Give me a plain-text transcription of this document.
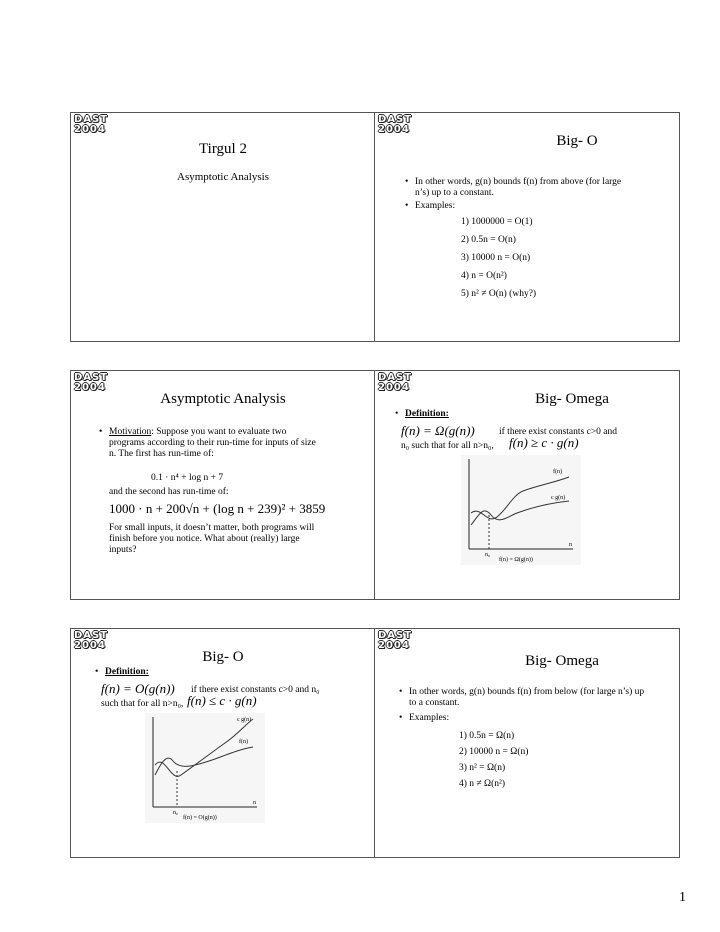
DAST
2004
Tirgul 2
Asymptotic Analysis
DAST
2004
Big- O
• In other words, g(n) bounds f(n) from above (for large n’s) up to a constant.
• Examples:
1) 1000000 = O(1)
2) 0.5n = O(n)
3) 10000 n = O(n)
4) n = O(n²)
5) n² ≠ O(n) (why?)
DAST
2004
Asymptotic Analysis
• Motivation: Suppose you want to evaluate two programs according to their run-time for inputs of size n. The first has run-time of:
0.1 · n⁴ + log n + 7
and the second has run-time of:
1000 · n + 200√n + (log n + 239)² + 3859
For small inputs, it doesn’t matter, both programs will finish before you notice. What about (really) large inputs?
DAST
2004
Big- Omega
• Definition:
f(n) = Ω(g(n))	if there exist constants c>0 and
n₀ such that for all n>n₀, f(n) ≥ c · g(n)
f(n)
c g(n)
n₀
n
f(n) = Ω(g(n))
DAST
2004
Big- O
• Definition:
f(n) = O(g(n)) if there exist constants c>0 and n₀
such that for all n>n₀, f(n) ≤ c · g(n)
c g(n)
f(n)
n₀
n
f(n) = O(g(n))
DAST
2004
Big- Omega
• In other words, g(n) bounds f(n) from below (for large n’s) up to a constant.
• Examples:
1) 0.5n = Ω(n)
2) 10000 n = Ω(n)
3) n² = Ω(n)
4) n ≠ Ω(n²)
1
